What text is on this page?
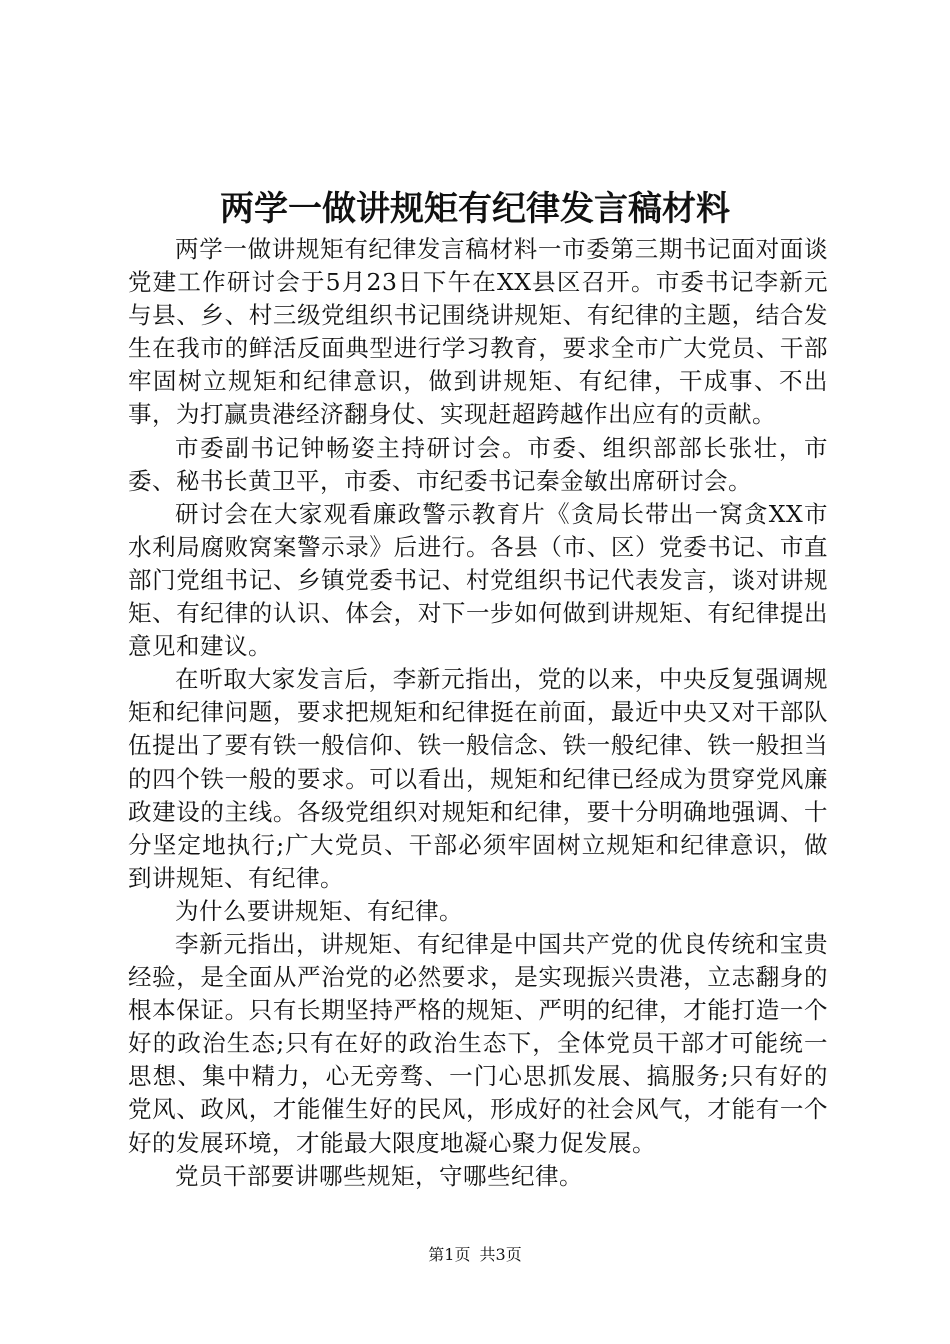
两学一做讲规矩有纪律发言稿材料

两学一做讲规矩有纪律发言稿材料一市委第三期书记面对面谈党建工作研讨会于5月23日下午在XX县区召开。市委书记李新元与县、乡、村三级党组织书记围绕讲规矩、有纪律的主题，结合发生在我市的鲜活反面典型进行学习教育，要求全市广大党员、干部牢固树立规矩和纪律意识，做到讲规矩、有纪律，干成事、不出事，为打赢贵港经济翻身仗、实现赶超跨越作出应有的贡献。

市委副书记钟畅姿主持研讨会。市委、组织部部长张壮，市委、秘书长黄卫平，市委、市纪委书记秦金敏出席研讨会。

研讨会在大家观看廉政警示教育片《贪局长带出一窝贪XX市水利局腐败窝案警示录》后进行。各县（市、区）党委书记、市直部门党组书记、乡镇党委书记、村党组织书记代表发言，谈对讲规矩、有纪律的认识、体会，对下一步如何做到讲规矩、有纪律提出意见和建议。

在听取大家发言后，李新元指出，党的以来，中央反复强调规矩和纪律问题，要求把规矩和纪律挺在前面，最近中央又对干部队伍提出了要有铁一般信仰、铁一般信念、铁一般纪律、铁一般担当的四个铁一般的要求。可以看出，规矩和纪律已经成为贯穿党风廉政建设的主线。各级党组织对规矩和纪律，要十分明确地强调、十分坚定地执行;广大党员、干部必须牢固树立规矩和纪律意识，做到讲规矩、有纪律。

为什么要讲规矩、有纪律。

李新元指出，讲规矩、有纪律是中国共产党的优良传统和宝贵经验，是全面从严治党的必然要求，是实现振兴贵港，立志翻身的根本保证。只有长期坚持严格的规矩、严明的纪律，才能打造一个好的政治生态;只有在好的政治生态下，全体党员干部才可能统一思想、集中精力，心无旁骛、一门心思抓发展、搞服务;只有好的党风、政风，才能催生好的民风，形成好的社会风气，才能有一个好的发展环境，才能最大限度地凝心聚力促发展。

党员干部要讲哪些规矩，守哪些纪律。

第1页 共3页
